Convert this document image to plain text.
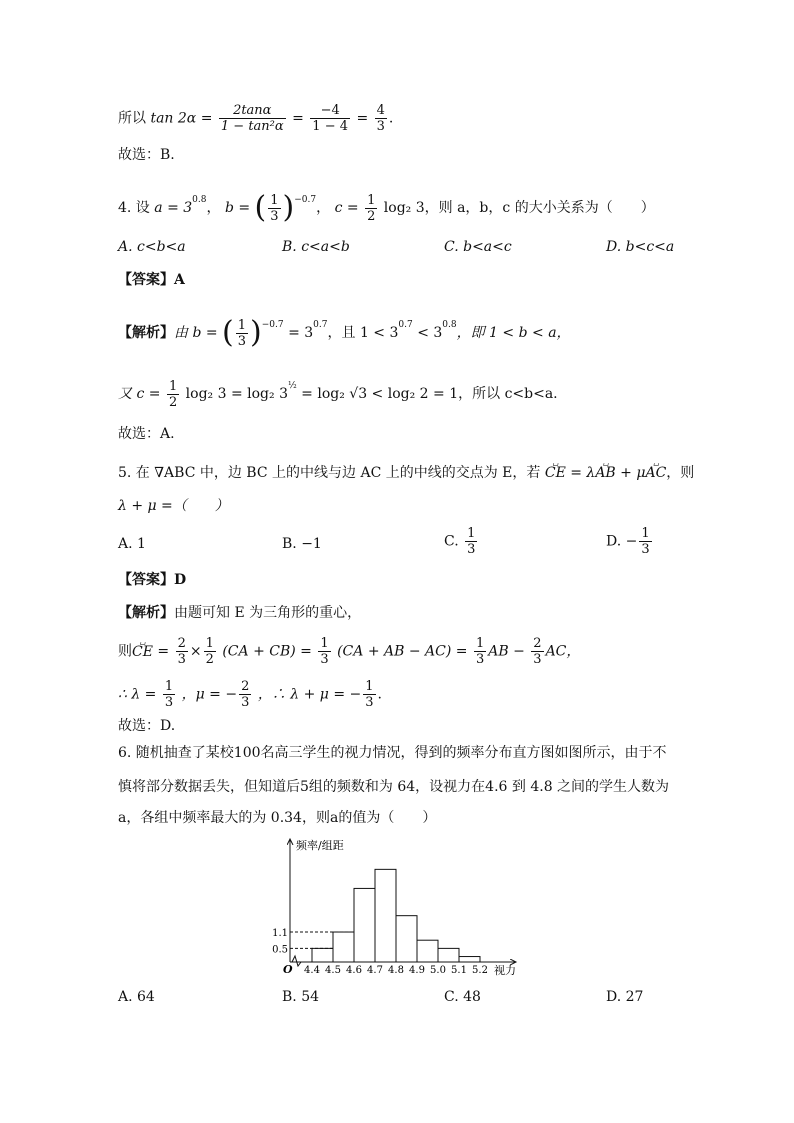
所以 $\tan 2\alpha = \frac{2\tan\alpha}{\text{1 − tan²α}} = \frac{-4}{1 - 4} = \frac{4}{3}$ .
故选：B.
4. 设 $a = 3^{0.8}$， b = ( $\frac{1}{3} )^{-0.7}$， $c = \frac{1}{2} \log_2$ 3，则 a，b，c 的大小关系为（　　）
A. c<b<a	B. c<a<b	C. b<a<c	D. b<c<a
【答案】A
【解析】由 b = ( $\frac{1}{3} )^{-0.7} = 3^{0.7}$，且 $1 < 3^{0.7} < 3^{0.8}$，即 1 < b < a，
又 $c = \frac{1}{2} \log_2$ 3 = log₂ $3^{\frac{1}{2}} = \log_2$ √3 < log₂ 2 = 1，所以 c<b<a.
故选：A.
5. 在 ∇ABC 中，边 BC 上的中线与边 AC 上的中线的交点为 E，若 ␣ CE = λ␣ AB + μ␣ AC，则
λ + μ =（　　）
A. 1	B. −1	C. $\frac{1}{3}$	D. − $\frac{1}{3}$
【答案】D
【解析】由题可知 E 为三角形的重心，
则␣ CE = $\frac{2}{3} \times \frac{1}{2} (CA + CB) = \frac{1}{3} (CA$ + AB − $AC) = \frac{1}{3}$ AB − $\frac{2}{3}$ AC，
∴ $\lambda = \frac{1}{3}$ ，μ = − $\frac{2}{3}$ ，∴ λ + μ = − $\frac{1}{3}$ .
故选：D.
6. 随机抽查了某校100名高三学生的视力情况，得到的频率分布直方图如图所示，由于不
慎将部分数据丢失，但知道后5组的频数和为 64，设视力在4.6 到 4.8 之间的学生人数为
a，各组中频率最大的为 0.34，则a的值为（　　）
频率/组距
视力
O 4.4 4.5 4.6 4.7 4.8 4.9 5.0 5.1 5.2
0.5
1.1
A. 64	B. 54	C. 48	D. 27
